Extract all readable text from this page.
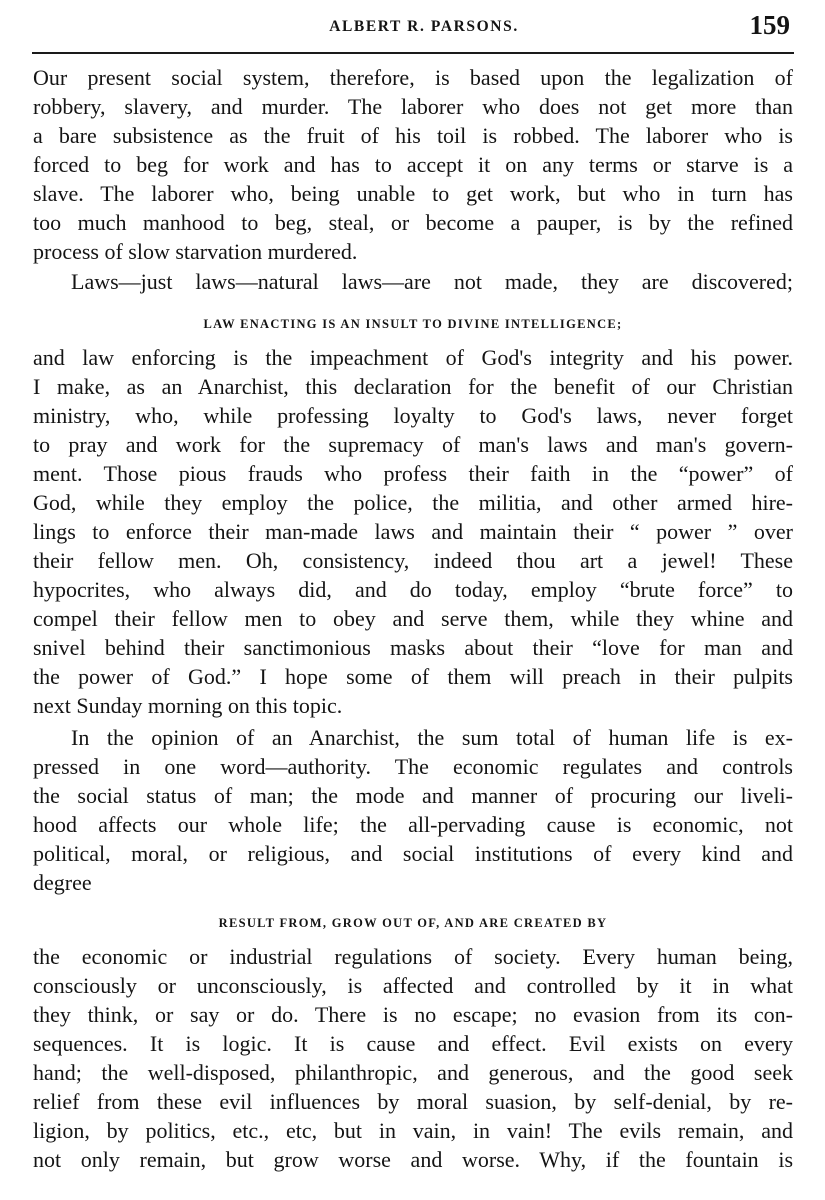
ALBERT R. PARSONS.	159
Our present social system, therefore, is based upon the legalization of
robbery, slavery, and murder. The laborer who does not get more than
a bare subsistence as the fruit of his toil is robbed. The laborer who is
forced to beg for work and has to accept it on any terms or starve is a
slave. The laborer who, being unable to get work, but who in turn has
too much manhood to beg, steal, or become a pauper, is by the refined
process of slow starvation murdered.
Laws—just laws—natural laws—are not made, they are discovered;
LAW ENACTING IS AN INSULT TO DIVINE INTELLIGENCE;
and law enforcing is the impeachment of God's integrity and his power.
I make, as an Anarchist, this declaration for the benefit of our Christian
ministry, who, while professing loyalty to God's laws, never forget
to pray and work for the supremacy of man's laws and man's govern-
ment. Those pious frauds who profess their faith in the “power” of
God, while they employ the police, the militia, and other armed hire-
lings to enforce their man-made laws and maintain their “ power ” over
their fellow men. Oh, consistency, indeed thou art a jewel! These
hypocrites, who always did, and do today, employ “brute force” to
compel their fellow men to obey and serve them, while they whine and
snivel behind their sanctimonious masks about their “love for man and
the power of God.” I hope some of them will preach in their pulpits
next Sunday morning on this topic.
In the opinion of an Anarchist, the sum total of human life is ex-
pressed in one word—authority. The economic regulates and controls
the social status of man; the mode and manner of procuring our liveli-
hood affects our whole life; the all-pervading cause is economic, not
political, moral, or religious, and social institutions of every kind and
degree
RESULT FROM, GROW OUT OF, AND ARE CREATED BY
the economic or industrial regulations of society. Every human being,
consciously or unconsciously, is affected and controlled by it in what
they think, or say or do. There is no escape; no evasion from its con-
sequences. It is logic. It is cause and effect. Evil exists on every
hand; the well-disposed, philanthropic, and generous, and the good seek
relief from these evil influences by moral suasion, by self-denial, by re-
ligion, by politics, etc., etc, but in vain, in vain! The evils remain, and
not only remain, but grow worse and worse. Why, if the fountain is
